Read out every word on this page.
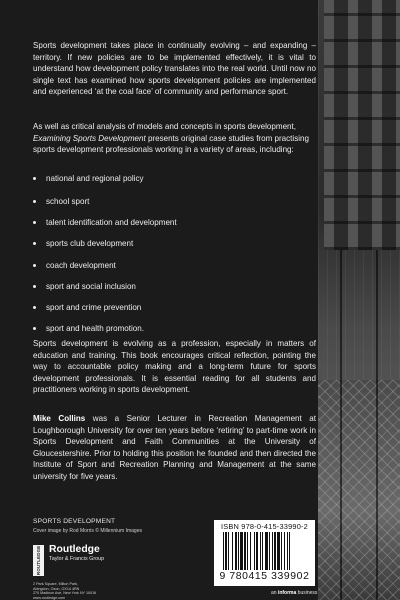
Sports development takes place in continually evolving – and expanding – territory. If new policies are to be implemented effectively, it is vital to understand how development policy translates into the real world. Until now no single text has examined how sports development policies are implemented and experienced ‘at the coal face’ of community and performance sport.

As well as critical analysis of models and concepts in sports development, Examining Sports Development presents original case studies from practising sports development professionals working in a variety of areas, including:

national and regional policy
school sport
talent identification and development
sports club development
coach development
sport and social inclusion
sport and crime prevention
sport and health promotion.

Sports development is evolving as a profession, especially in matters of education and training. This book encourages critical reflection, pointing the way to accountable policy making and a long-term future for sports development professionals. It is essential reading for all students and practitioners working in sports development.

Mike Collins was a Senior Lecturer in Recreation Management at Loughborough University for over ten years before ‘retiring’ to part-time work in Sports Development and Faith Communities at the University of Gloucestershire. Prior to holding this position he founded and then directed the Institute of Sport and Recreation Planning and Management at the same university for five years.

SPORTS DEVELOPMENT
Cover image by Rod Morris © Millennium Images
ROUTLEDGE Routledge
Taylor & Francis Group
2 Park Square, Milton Park,
Abingdon, Oxon, OX14 4RN
270 Madison Ave, New York NY 10016
www.routledge.com
ISBN 978-0-415-33990-2
9 780415 339902
an informa business
